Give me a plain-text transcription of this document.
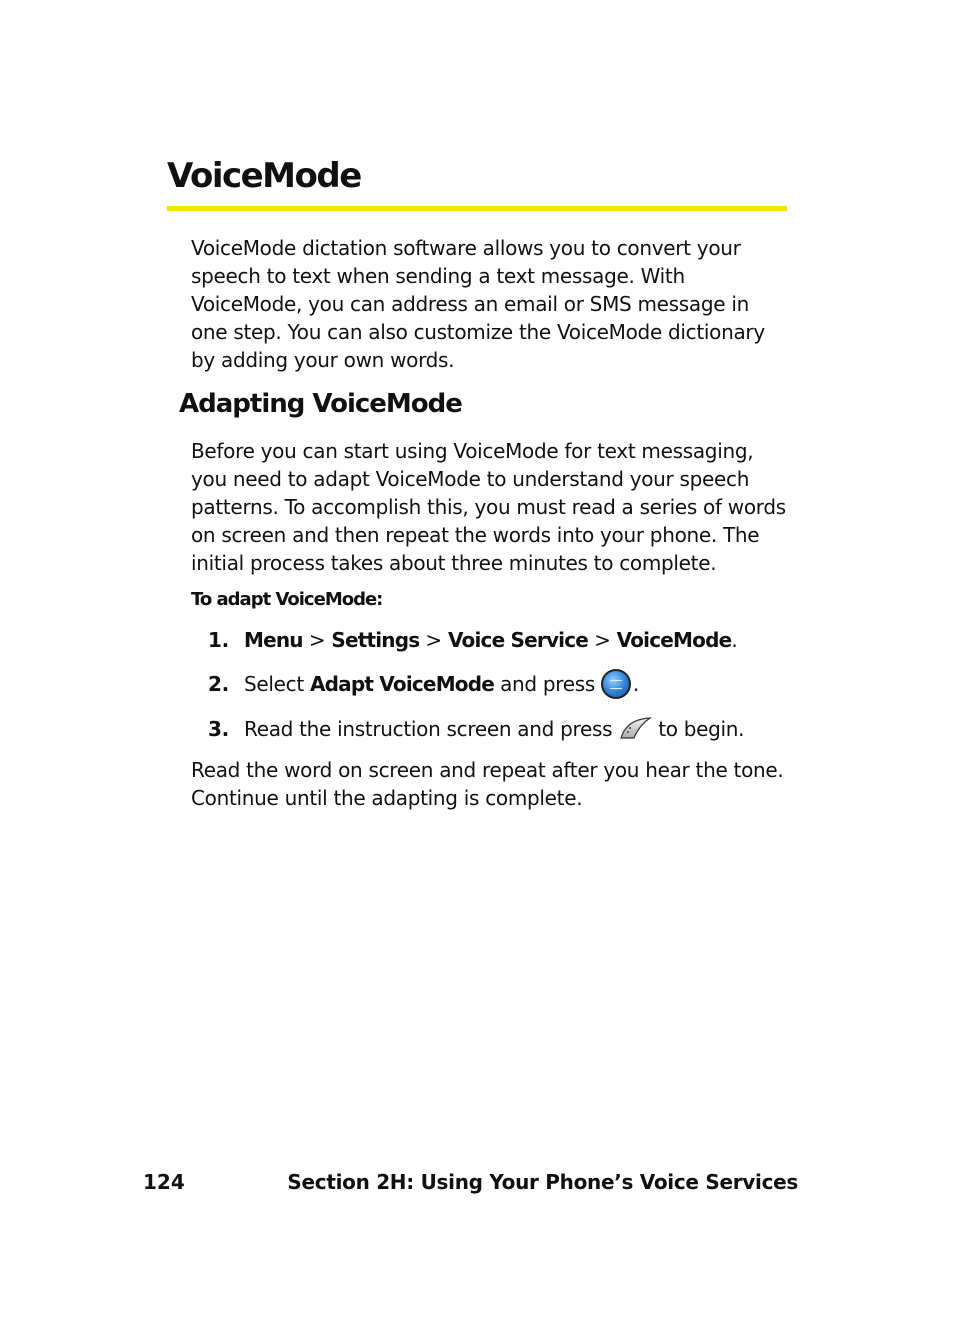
VoiceMode

VoiceMode dictation software allows you to convert your speech to text when sending a text message. With VoiceMode, you can address an email or SMS message in one step. You can also customize the VoiceMode dictionary by adding your own words.

Adapting VoiceMode

Before you can start using VoiceMode for text messaging, you need to adapt VoiceMode to understand your speech patterns. To accomplish this, you must read a series of words on screen and then repeat the words into your phone. The initial process takes about three minutes to complete.

To adapt VoiceMode:

1. Menu > Settings > Voice Service > VoiceMode.
2. Select Adapt VoiceMode and press .
3. Read the instruction screen and press to begin.

Read the word on screen and repeat after you hear the tone. Continue until the adapting is complete.

124	Section 2H: Using Your Phone’s Voice Services
